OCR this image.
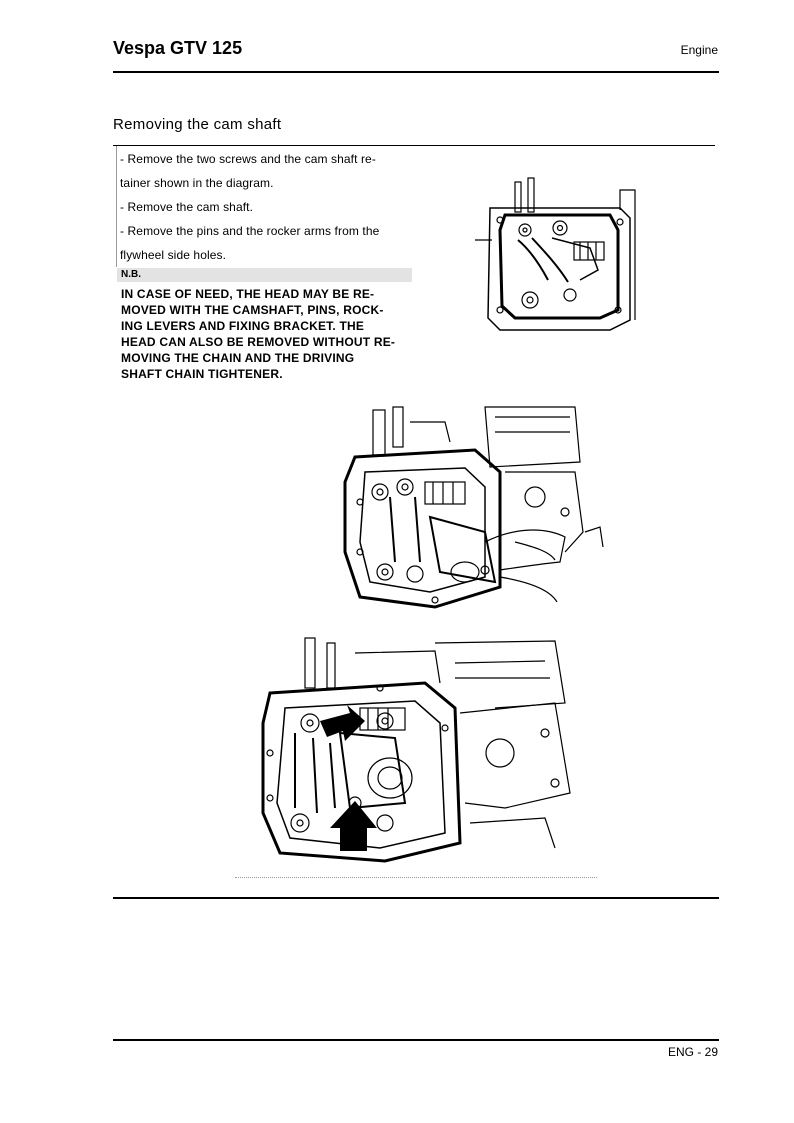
Vespa GTV 125	Engine
Removing the cam shaft
- Remove the two screws and the cam shaft re-
tainer shown in the diagram.
- Remove the cam shaft.
- Remove the pins and the rocker arms from the
flywheel side holes.
N.B.
IN CASE OF NEED, THE HEAD MAY BE RE-
MOVED WITH THE CAMSHAFT, PINS, ROCK-
ING LEVERS AND FIXING BRACKET. THE
HEAD CAN ALSO BE REMOVED WITHOUT RE-
MOVING THE CHAIN AND THE DRIVING
SHAFT CHAIN TIGHTENER.
ENG - 29
